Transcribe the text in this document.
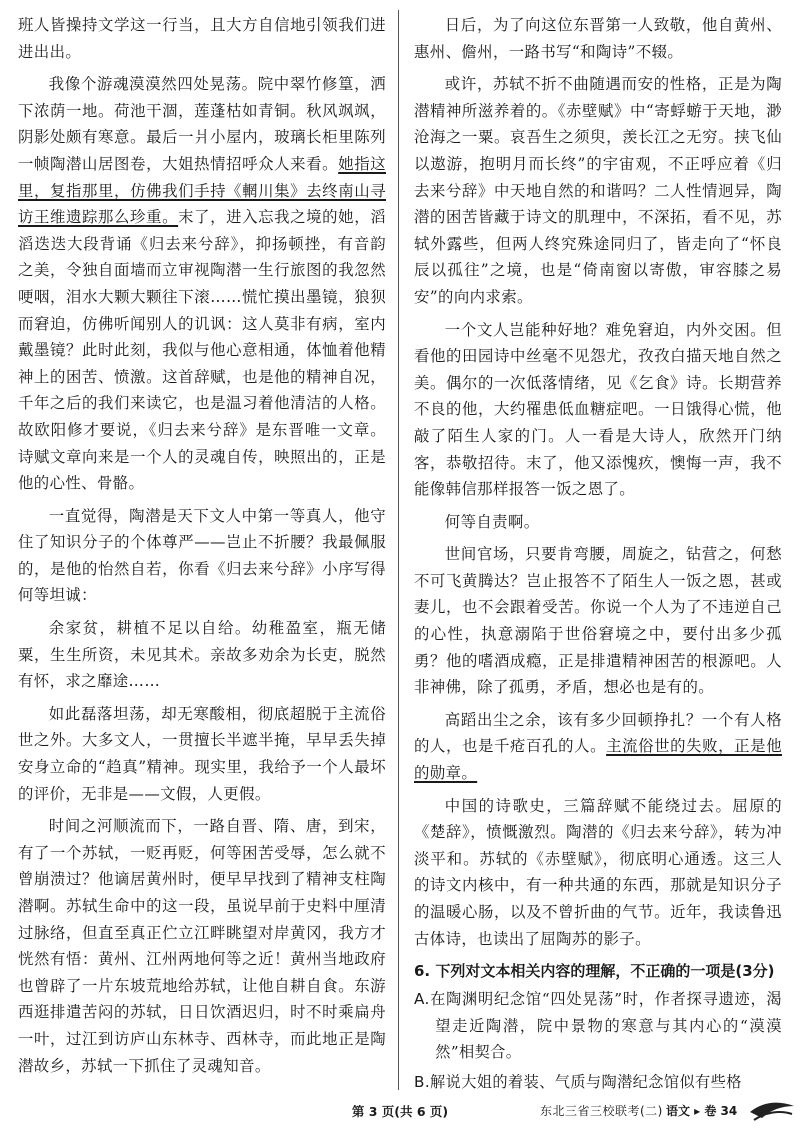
班人皆操持文学这一行当，且大方自信地引领我们进进出出。

我像个游魂漠漠然四处晃荡。院中翠竹修篁，洒下浓荫一地。荷池干涸，莲蓬枯如青铜。秋风飒飒，阴影处颇有寒意。最后一爿小屋内，玻璃长柜里陈列一帧陶潜山居图卷，大姐热情招呼众人来看。她指这里，复指那里，仿佛我们手持《輞川集》去终南山寻访王维遗踪那么珍重。末了，进入忘我之境的她，滔滔迭迭大段背诵《归去来兮辞》，抑扬顿挫，有音韵之美，令独自面墙而立审视陶潜一生行旅图的我忽然哽咽，泪水大颗大颗往下滚……慌忙摸出墨镜，狼狈而窘迫，仿佛听闻别人的讥讽：这人莫非有病，室内戴墨镜？此时此刻，我似与他心意相通，体恤着他精神上的困苦、愤激。这首辞赋，也是他的精神自况，千年之后的我们来读它，也是温习着他清洁的人格。故欧阳修才要说，《归去来兮辞》是东晋唯一文章。诗赋文章向来是一个人的灵魂自传，映照出的，正是他的心性、骨骼。

一直觉得，陶潜是天下文人中第一等真人，他守住了知识分子的个体尊严——岂止不折腰？我最佩服的，是他的怡然自若，你看《归去来兮辞》小序写得何等坦诚：

余家贫，耕植不足以自给。幼稚盈室，瓶无储粟，生生所资，未见其术。亲故多劝余为长吏，脱然有怀，求之靡途……

如此磊落坦荡，却无寒酸相，彻底超脱于主流俗世之外。大多文人，一贯擅长半遮半掩，早早丢失掉安身立命的“趋真”精神。现实里，我给予一个人最坏的评价，无非是——文假，人更假。

时间之河顺流而下，一路自晋、隋、唐，到宋，有了一个苏轼，一贬再贬，何等困苦受辱，怎么就不曾崩溃过？他谪居黄州时，便早早找到了精神支柱陶潜啊。苏轼生命中的这一段，虽说早前于史料中厘清过脉络，但直至真正伫立江畔眺望对岸黄冈，我方才恍然有悟：黄州、江州两地何等之近！黄州当地政府也曾辟了一片东坡荒地给苏轼，让他自耕自食。东游西逛排遣苦闷的苏轼，日日饮酒迟归，时不时乘扁舟一叶，过江到访庐山东林寺、西林寺，而此地正是陶潜故乡，苏轼一下抓住了灵魂知音。

日后，为了向这位东晋第一人致敬，他自黄州、惠州、儋州，一路书写“和陶诗”不辍。

或许，苏轼不折不曲随遇而安的性格，正是为陶潜精神所滋养着的。《赤壁赋》中“寄蜉蝣于天地，渺沧海之一粟。哀吾生之须臾，羡长江之无穷。挟飞仙以遨游，抱明月而长终”的宇宙观，不正呼应着《归去来兮辞》中天地自然的和谐吗？二人性情迥异，陶潜的困苦皆藏于诗文的肌理中，不深拓，看不见，苏轼外露些，但两人终究殊途同归了，皆走向了“怀良辰以孤往”之境，也是“倚南窗以寄傲，审容膝之易安”的向内求索。

一个文人岂能种好地？难免窘迫，内外交困。但看他的田园诗中丝毫不见怨尤，孜孜白描天地自然之美。偶尔的一次低落情绪，见《乞食》诗。长期营养不良的他，大约罹患低血糖症吧。一日饿得心慌，他敲了陌生人家的门。人一看是大诗人，欣然开门纳客，恭敬招待。末了，他又添愧疚，懊悔一声，我不能像韩信那样报答一饭之恩了。

何等自责啊。

世间官场，只要肯弯腰，周旋之，钻营之，何愁不可飞黄腾达？岂止报答不了陌生人一饭之恩，甚或妻儿，也不会跟着受苦。你说一个人为了不违逆自己的心性，执意溺陷于世俗窘境之中，要付出多少孤勇？他的嗜酒成瘾，正是排遣精神困苦的根源吧。人非神佛，除了孤勇，矛盾，想必也是有的。

高蹈出尘之余，该有多少回顿挣扎？一个有人格的人，也是千疮百孔的人。主流俗世的失败，正是他的勋章。

中国的诗歌史，三篇辞赋不能绕过去。屈原的《楚辞》，愤慨激烈。陶潜的《归去来兮辞》，转为冲淡平和。苏轼的《赤壁赋》，彻底明心通透。这三人的诗文内核中，有一种共通的东西，那就是知识分子的温暖心肠，以及不曾折曲的气节。近年，我读鲁迅古体诗，也读出了屈陶苏的影子。

6. 下列对文本相关内容的理解，不正确的一项是(3分)
A.在陶渊明纪念馆“四处晃荡”时，作者探寻遗迹，渴望走近陶潜，院中景物的寒意与其内心的“漠漠然”相契合。
B.解说大姐的着装、气质与陶潜纪念馆似有些格
第 3 页(共 6 页)	东北三省三校联考(二) 语文 ▸ 卷 34
